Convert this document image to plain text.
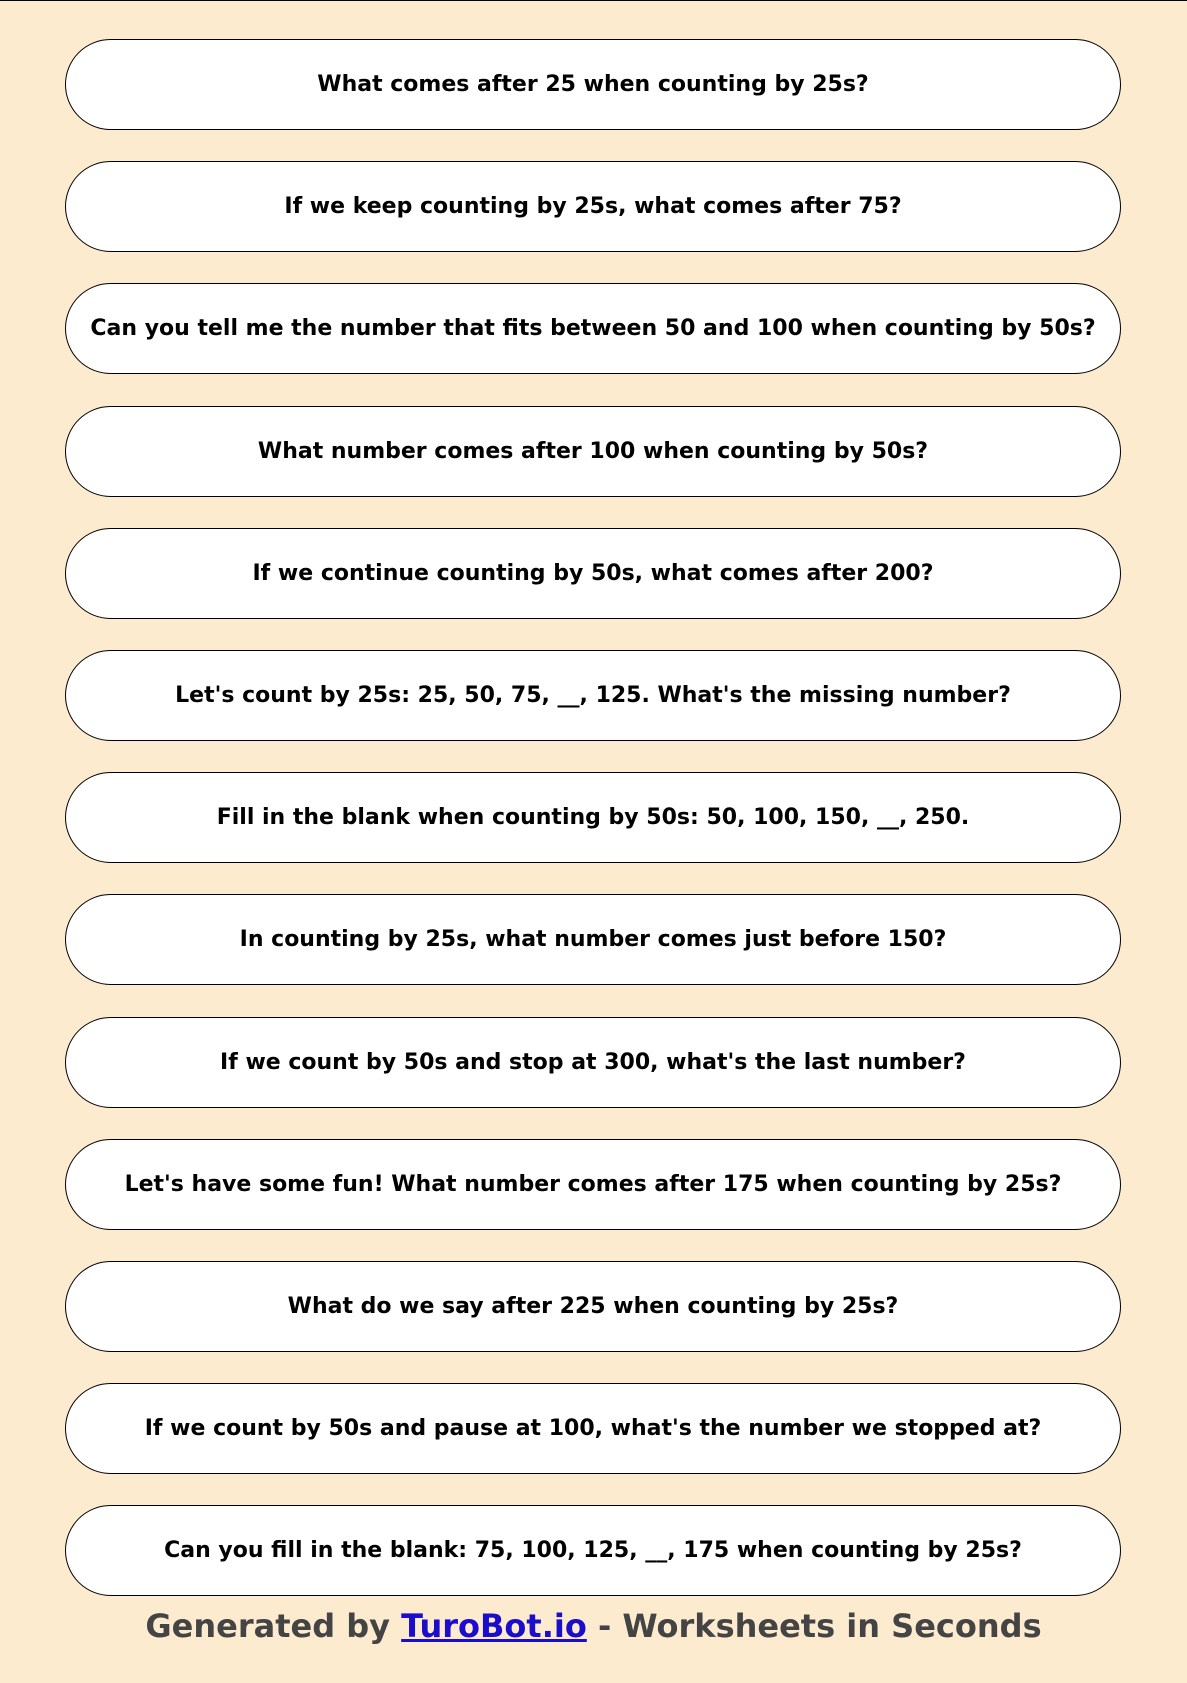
What comes after 25 when counting by 25s?
If we keep counting by 25s, what comes after 75?
Can you tell me the number that fits between 50 and 100 when counting by 50s?
What number comes after 100 when counting by 50s?
If we continue counting by 50s, what comes after 200?
Let's count by 25s: 25, 50, 75, __, 125. What's the missing number?
Fill in the blank when counting by 50s: 50, 100, 150, __, 250.
In counting by 25s, what number comes just before 150?
If we count by 50s and stop at 300, what's the last number?
Let's have some fun! What number comes after 175 when counting by 25s?
What do we say after 225 when counting by 25s?
If we count by 50s and pause at 100, what's the number we stopped at?
Can you fill in the blank: 75, 100, 125, __, 175 when counting by 25s?
Generated by TuroBot.io - Worksheets in Seconds
